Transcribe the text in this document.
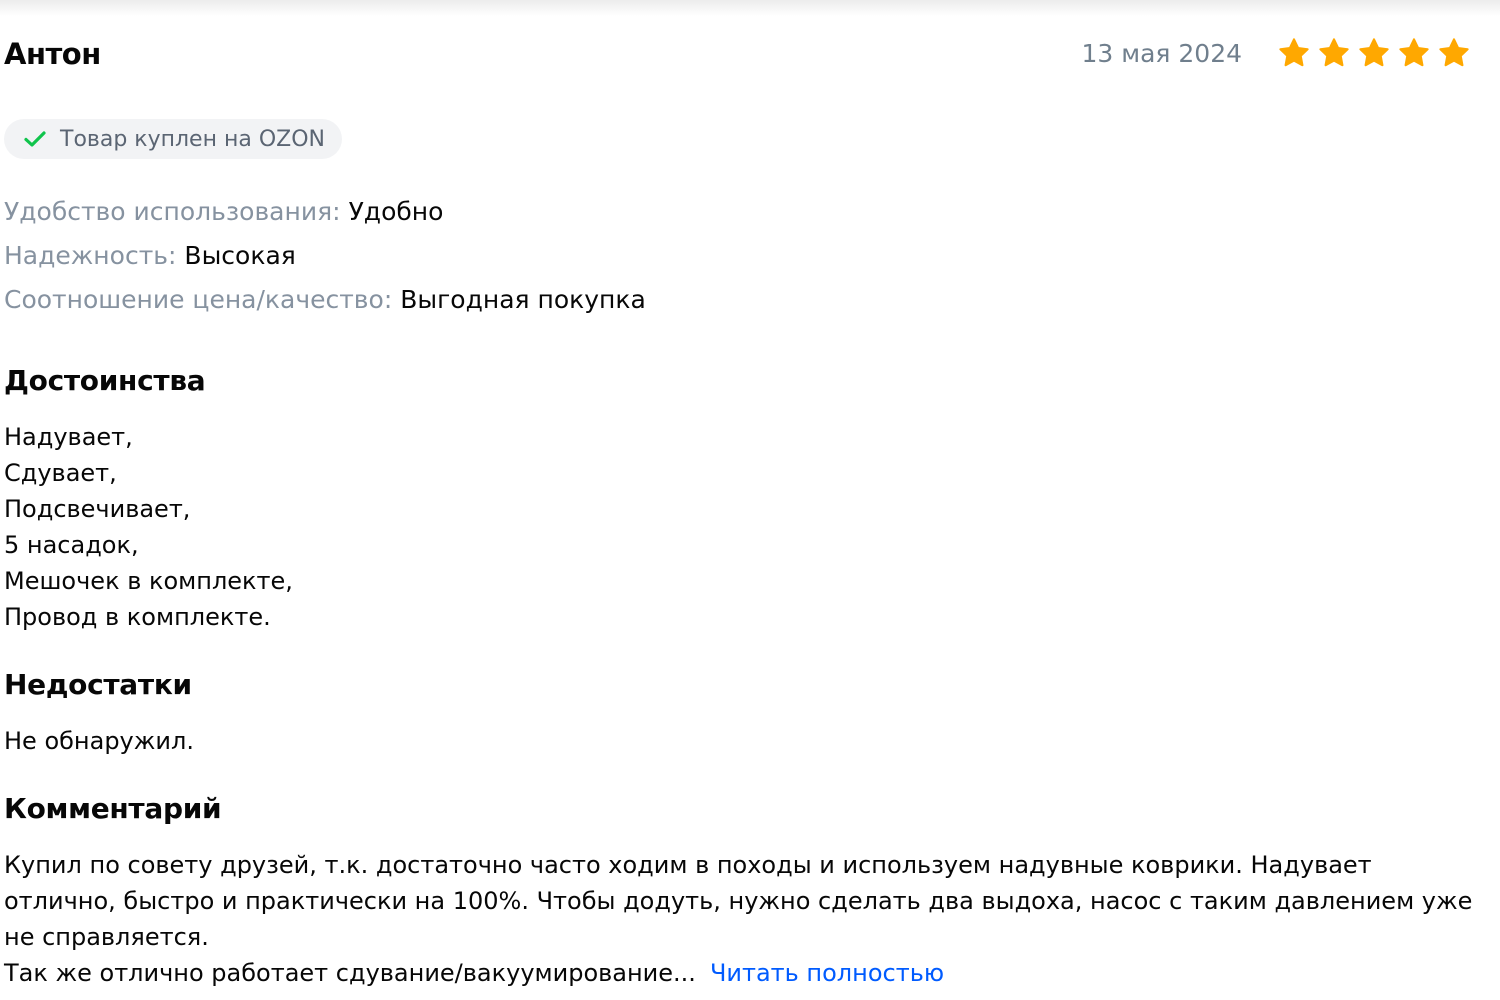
Антон	13 мая 2024
Товар куплен на OZON
Удобство использования: Удобно
Надежность: Высокая
Соотношение цена/качество: Выгодная покупка
Достоинства
Надувает,
Сдувает,
Подсвечивает,
5 насадок,
Мешочек в комплекте,
Провод в комплекте.
Недостатки
Не обнаружил.
Комментарий

Купил по совету друзей, т.к. достаточно часто ходим в походы и используем надувные коврики. Надувает отлично, быстро и практически на 100%. Чтобы додуть, нужно сделать два выдоха, насос с таким давлением уже не справляется.

Так же отлично работает сдувание/вакуумирование... Читать полностью
